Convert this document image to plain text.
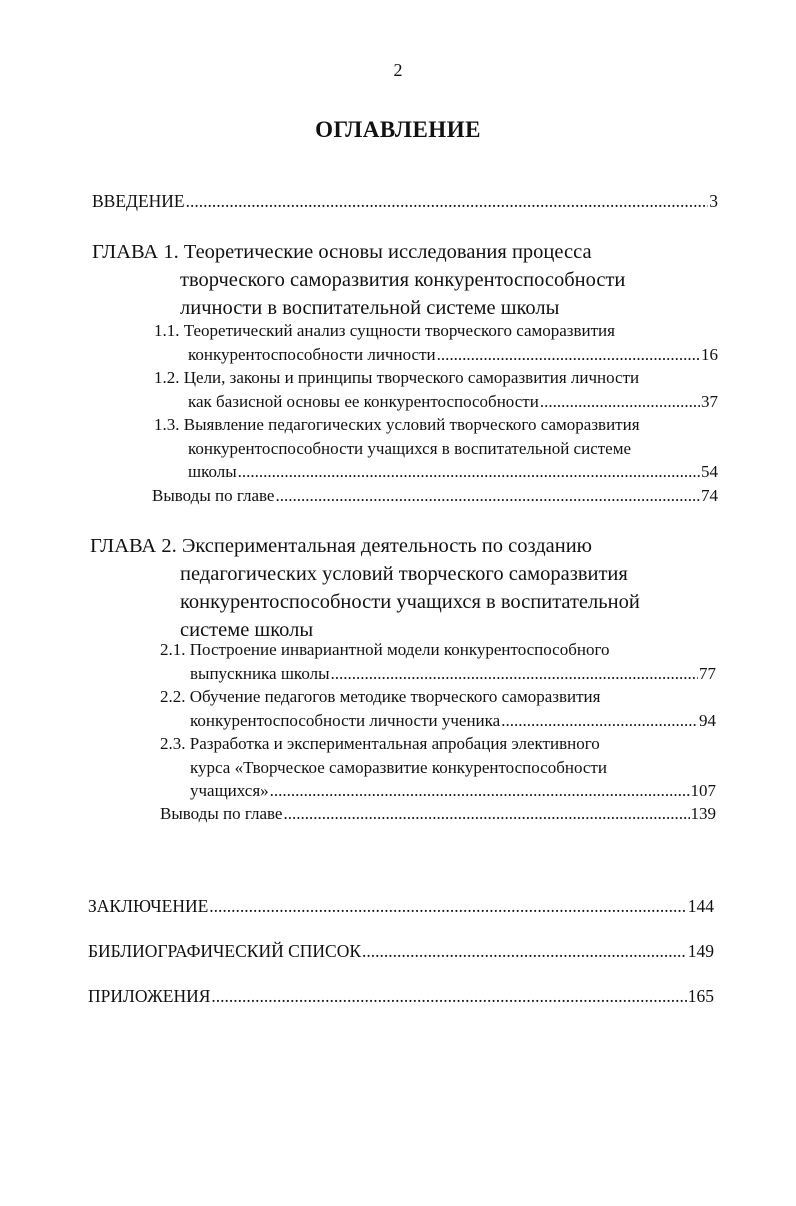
2
ОГЛАВЛЕНИЕ
ВВЕДЕНИЕ .....	3
ГЛАВА 1. Теоретические основы исследования процесса
творческого саморазвития конкурентоспособности
личности в воспитательной системе школы
1.1. Теоретический анализ сущности творческого саморазвития
конкурентоспособности личности .....	16
1.2. Цели, законы и принципы творческого саморазвития личности
как базисной основы ее конкурентоспособности .....	37
1.3. Выявление педагогических условий творческого саморазвития
конкурентоспособности учащихся в воспитательной системе
школы .....	54
Выводы по главе .....	74
ГЛАВА 2. Экспериментальная деятельность по созданию
педагогических условий творческого саморазвития
конкурентоспособности учащихся в воспитательной
системе школы
2.1. Построение инвариантной модели конкурентоспособного
выпускника школы .....	77
2.2. Обучение педагогов методике творческого саморазвития
конкурентоспособности личности ученика .....	94
2.3. Разработка и экспериментальная апробация элективного
курса «Творческое саморазвитие конкурентоспособности
учащихся» .....	107
Выводы по главе .....	139
ЗАКЛЮЧЕНИЕ .....	144
БИБЛИОГРАФИЧЕСКИЙ СПИСОК .....	149
ПРИЛОЖЕНИЯ .....	165
